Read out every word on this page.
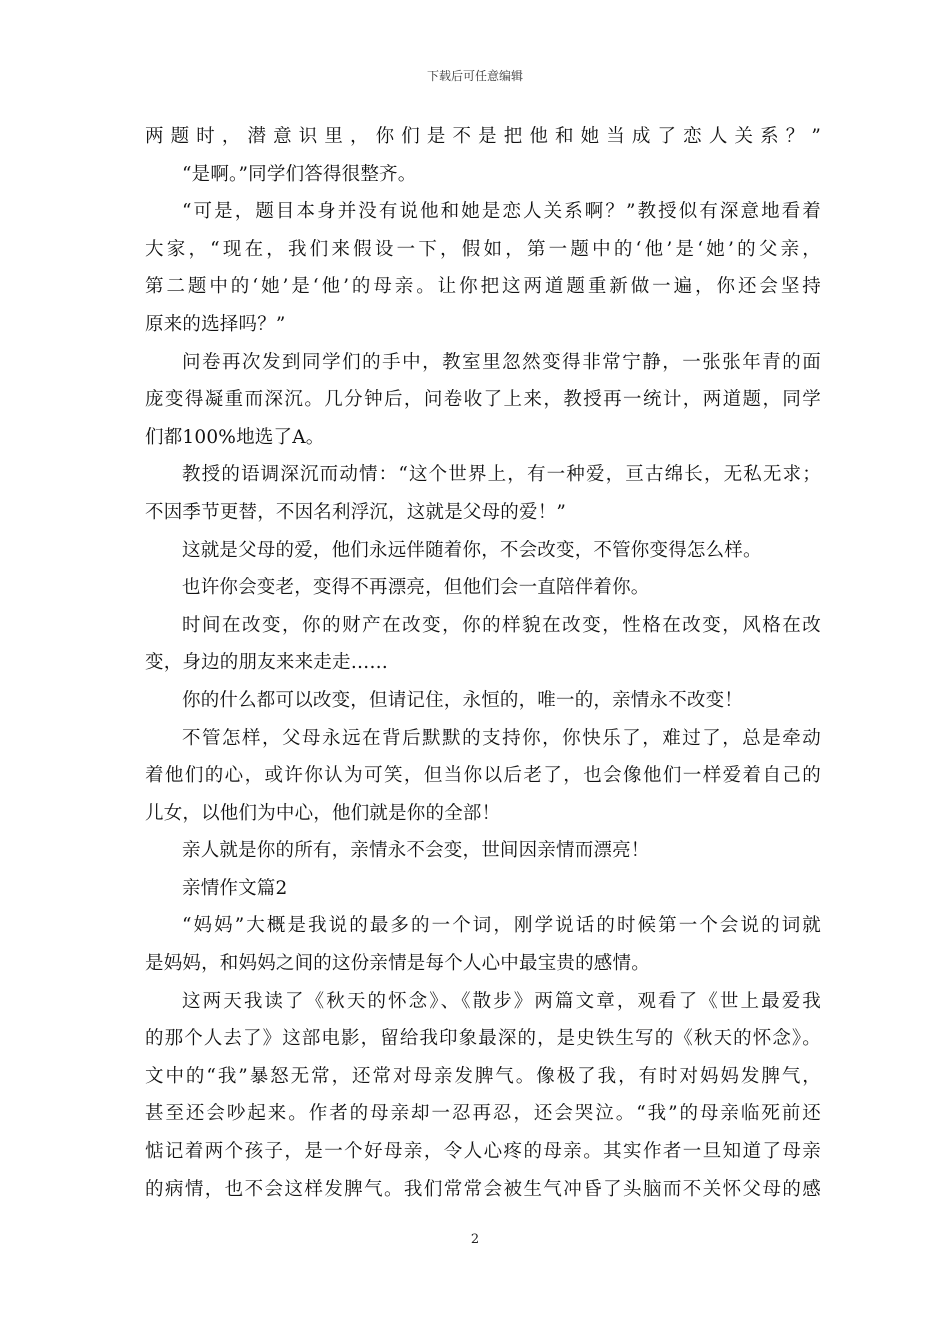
下载后可任意编辑
两题时，潜意识里，你们是不是把他和她当成了恋人关系？”
“是啊。”同学们答得很整齐。
“可是，题目本身并没有说他和她是恋人关系啊？”教授似有深意地看着
大家，“现在，我们来假设一下，假如，第一题中的‘他’是‘她’的父亲，
第二题中的‘她’是‘他’的母亲。让你把这两道题重新做一遍，你还会坚持
原来的选择吗？”
问卷再次发到同学们的手中，教室里忽然变得非常宁静，一张张年青的面
庞变得凝重而深沉。几分钟后，问卷收了上来，教授再一统计，两道题，同学
们都100%地选了A。
教授的语调深沉而动情：“这个世界上，有一种爱，亘古绵长，无私无求；
不因季节更替，不因名利浮沉，这就是父母的爱！”
这就是父母的爱，他们永远伴随着你，不会改变，不管你变得怎么样。
也许你会变老，变得不再漂亮，但他们会一直陪伴着你。
时间在改变，你的财产在改变，你的样貌在改变，性格在改变，风格在改
变，身边的朋友来来走走……
你的什么都可以改变，但请记住，永恒的，唯一的，亲情永不改变！
不管怎样，父母永远在背后默默的支持你，你快乐了，难过了，总是牵动
着他们的心，或许你认为可笑，但当你以后老了，也会像他们一样爱着自己的
儿女，以他们为中心，他们就是你的全部！
亲人就是你的所有，亲情永不会变，世间因亲情而漂亮！
亲情作文篇2
“妈妈”大概是我说的最多的一个词，刚学说话的时候第一个会说的词就
是妈妈，和妈妈之间的这份亲情是每个人心中最宝贵的感情。
这两天我读了《秋天的怀念》、《散步》两篇文章，观看了《世上最爱我
的那个人去了》这部电影，留给我印象最深的，是史铁生写的《秋天的怀念》。
文中的“我”暴怒无常，还常对母亲发脾气。像极了我，有时对妈妈发脾气，
甚至还会吵起来。作者的母亲却一忍再忍，还会哭泣。“我”的母亲临死前还
惦记着两个孩子，是一个好母亲，令人心疼的母亲。其实作者一旦知道了母亲
的病情，也不会这样发脾气。我们常常会被生气冲昏了头脑而不关怀父母的感
2
